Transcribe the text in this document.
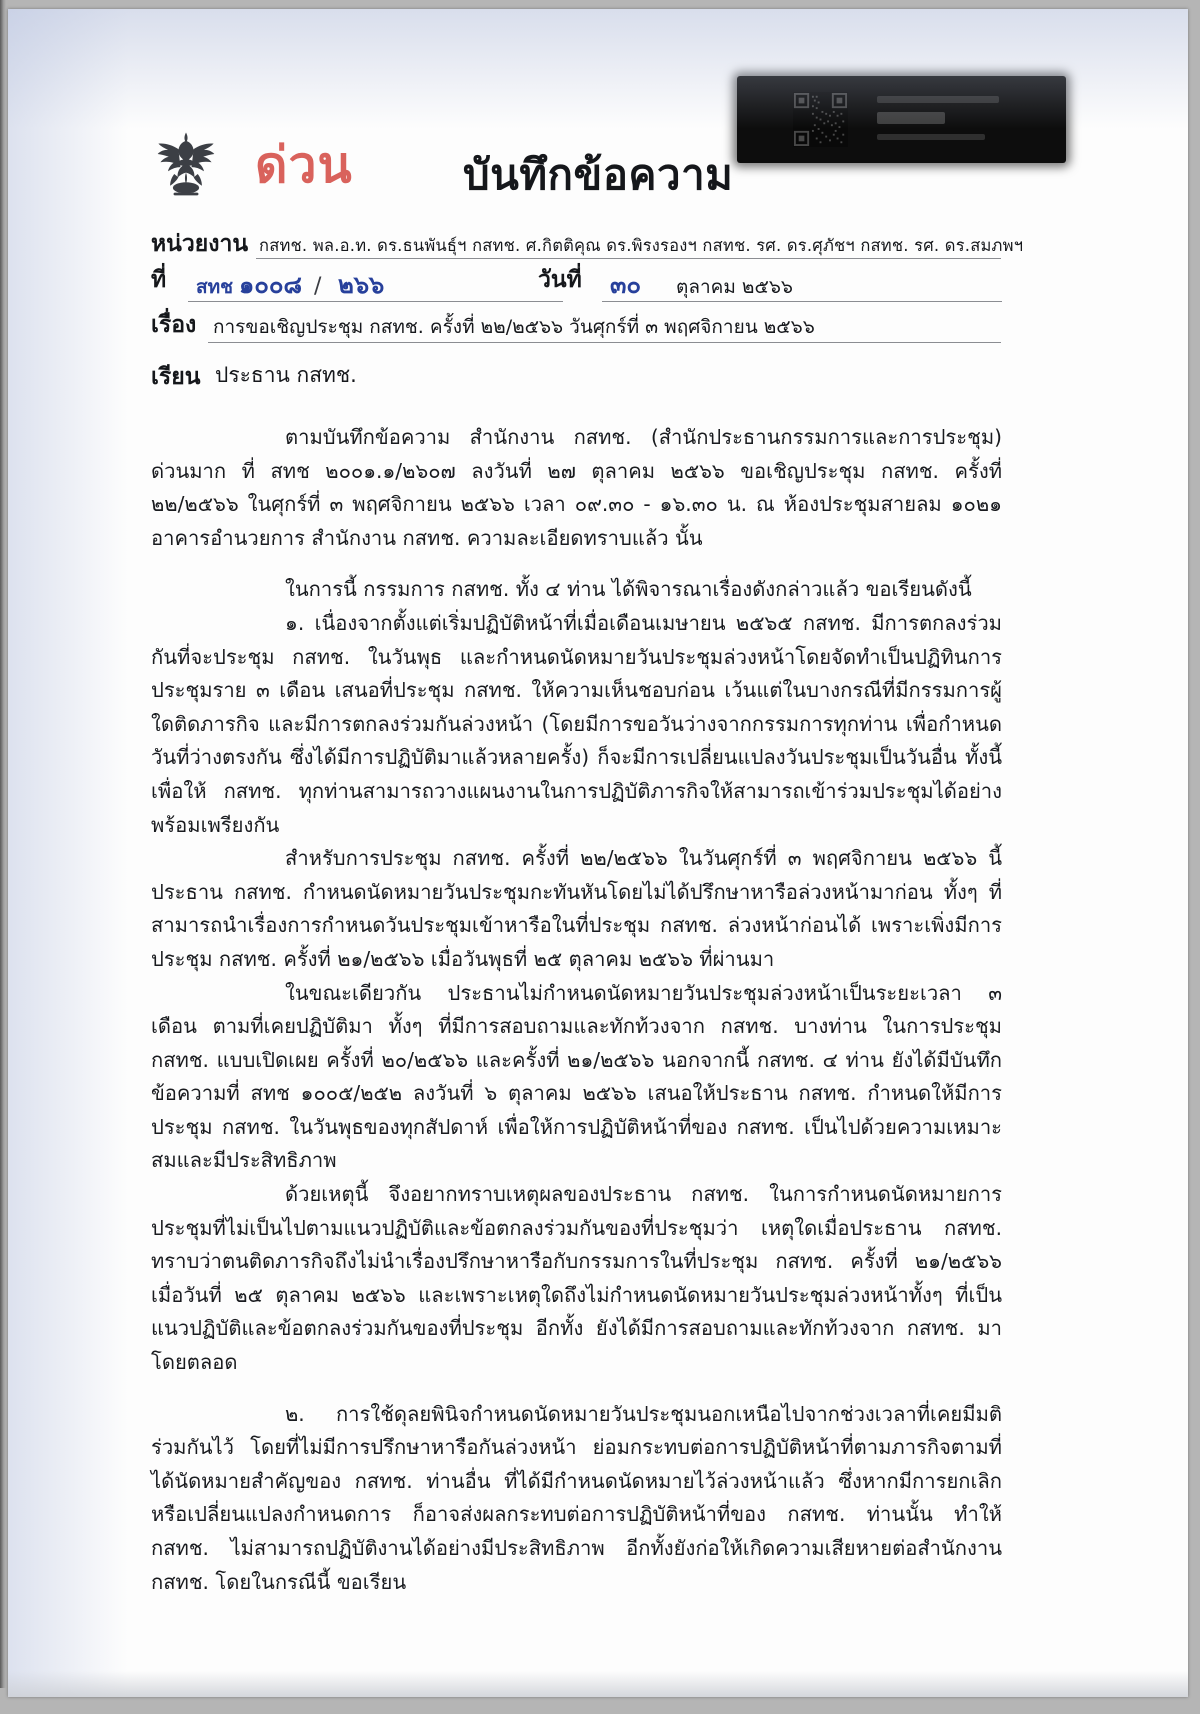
ด่วน	บันทึกข้อความ
หน่วยงาน กสทช. พล.อ.ท. ดร.ธนพันธุ์ฯ กสทช. ศ.กิตติคุณ ดร.พิรงรองฯ กสทช. รศ. ดร.ศุภัชฯ กสทช. รศ. ดร.สมภพฯ
ที่ สทช ๑๐๐๘ / ๒๖๖	วันที่ ๓๐ ตุลาคม ๒๕๖๖
เรื่อง การขอเชิญประชุม กสทช. ครั้งที่ ๒๒/๒๕๖๖ วันศุกร์ที่ ๓ พฤศจิกายน ๒๕๖๖
เรียน ประธาน กสทช.

ตามบันทึกข้อความ สำนักงาน กสทช. (สำนักประธานกรรมการและการประชุม) ด่วนมาก ที่ สทช ๒๐๐๑.๑/๒๖๐๗ ลงวันที่ ๒๗ ตุลาคม ๒๕๖๖ ขอเชิญประชุม กสทช. ครั้งที่ ๒๒/๒๕๖๖ ในศุกร์ที่ ๓ พฤศจิกายน ๒๕๖๖ เวลา ๐๙.๓๐ - ๑๖.๓๐ น. ณ ห้องประชุมสายลม ๑๐๒๑ อาคารอำนวยการ สำนักงาน กสทช. ความละเอียดทราบแล้ว นั้น

ในการนี้ กรรมการ กสทช. ทั้ง ๔ ท่าน ได้พิจารณาเรื่องดังกล่าวแล้ว ขอเรียนดังนี้

๑. เนื่องจากตั้งแต่เริ่มปฏิบัติหน้าที่เมื่อเดือนเมษายน ๒๕๖๕ กสทช. มีการตกลงร่วมกันที่จะประชุม กสทช. ในวันพุธ และกำหนดนัดหมายวันประชุมล่วงหน้าโดยจัดทำเป็นปฏิทินการประชุมราย ๓ เดือน เสนอที่ประชุม กสทช. ให้ความเห็นชอบก่อน เว้นแต่ในบางกรณีที่มีกรรมการผู้ใดติดภารกิจ และมีการตกลงร่วมกันล่วงหน้า (โดยมีการขอวันว่างจากกรรมการทุกท่าน เพื่อกำหนดวันที่ว่างตรงกัน ซึ่งได้มีการปฏิบัติมาแล้วหลายครั้ง) ก็จะมีการเปลี่ยนแปลงวันประชุมเป็นวันอื่น ทั้งนี้ เพื่อให้ กสทช. ทุกท่านสามารถวางแผนงานในการปฏิบัติภารกิจให้สามารถเข้าร่วมประชุมได้อย่างพร้อมเพรียงกัน

สำหรับการประชุม กสทช. ครั้งที่ ๒๒/๒๕๖๖ ในวันศุกร์ที่ ๓ พฤศจิกายน ๒๕๖๖ นี้ ประธาน กสทช. กำหนดนัดหมายวันประชุมกะทันหันโดยไม่ได้ปรึกษาหารือล่วงหน้ามาก่อน ทั้งๆ ที่สามารถนำเรื่องการกำหนดวันประชุมเข้าหารือในที่ประชุม กสทช. ล่วงหน้าก่อนได้ เพราะเพิ่งมีการประชุม กสทช. ครั้งที่ ๒๑/๒๕๖๖ เมื่อวันพุธที่ ๒๕ ตุลาคม ๒๕๖๖ ที่ผ่านมา

ในขณะเดียวกัน ประธานไม่กำหนดนัดหมายวันประชุมล่วงหน้าเป็นระยะเวลา ๓ เดือน ตามที่เคยปฏิบัติมา ทั้งๆ ที่มีการสอบถามและทักท้วงจาก กสทช. บางท่าน ในการประชุม กสทช. แบบเปิดเผย ครั้งที่ ๒๐/๒๕๖๖ และครั้งที่ ๒๑/๒๕๖๖ นอกจากนี้ กสทช. ๔ ท่าน ยังได้มีบันทึกข้อความที่ สทช ๑๐๐๕/๒๕๒ ลงวันที่ ๖ ตุลาคม ๒๕๖๖ เสนอให้ประธาน กสทช. กำหนดให้มีการประชุม กสทช. ในวันพุธของทุกสัปดาห์ เพื่อให้การปฏิบัติหน้าที่ของ กสทช. เป็นไปด้วยความเหมาะสมและมีประสิทธิภาพ

ด้วยเหตุนี้ จึงอยากทราบเหตุผลของประธาน กสทช. ในการกำหนดนัดหมายการประชุมที่ไม่เป็นไปตามแนวปฏิบัติและข้อตกลงร่วมกันของที่ประชุมว่า เหตุใดเมื่อประธาน กสทช. ทราบว่าตนติดภารกิจถึงไม่นำเรื่องปรึกษาหารือกับกรรมการในที่ประชุม กสทช. ครั้งที่ ๒๑/๒๕๖๖ เมื่อวันที่ ๒๕ ตุลาคม ๒๕๖๖ และเพราะเหตุใดถึงไม่กำหนดนัดหมายวันประชุมล่วงหน้าทั้งๆ ที่เป็นแนวปฏิบัติและข้อตกลงร่วมกันของที่ประชุม อีกทั้ง ยังได้มีการสอบถามและทักท้วงจาก กสทช. มาโดยตลอด

๒. การใช้ดุลยพินิจกำหนดนัดหมายวันประชุมนอกเหนือไปจากช่วงเวลาที่เคยมีมติร่วมกันไว้ โดยที่ไม่มีการปรึกษาหารือกันล่วงหน้า ย่อมกระทบต่อการปฏิบัติหน้าที่ตามภารกิจตามที่ได้นัดหมายสำคัญของ กสทช. ท่านอื่น ที่ได้มีกำหนดนัดหมายไว้ล่วงหน้าแล้ว ซึ่งหากมีการยกเลิกหรือเปลี่ยนแปลงกำหนดการ ก็อาจส่งผลกระทบต่อการปฏิบัติหน้าที่ของ กสทช. ท่านนั้น ทำให้ กสทช. ไม่สามารถปฏิบัติงานได้อย่างมีประสิทธิภาพ อีกทั้งยังก่อให้เกิดความเสียหายต่อสำนักงาน กสทช. โดยในกรณีนี้ ขอเรียน
